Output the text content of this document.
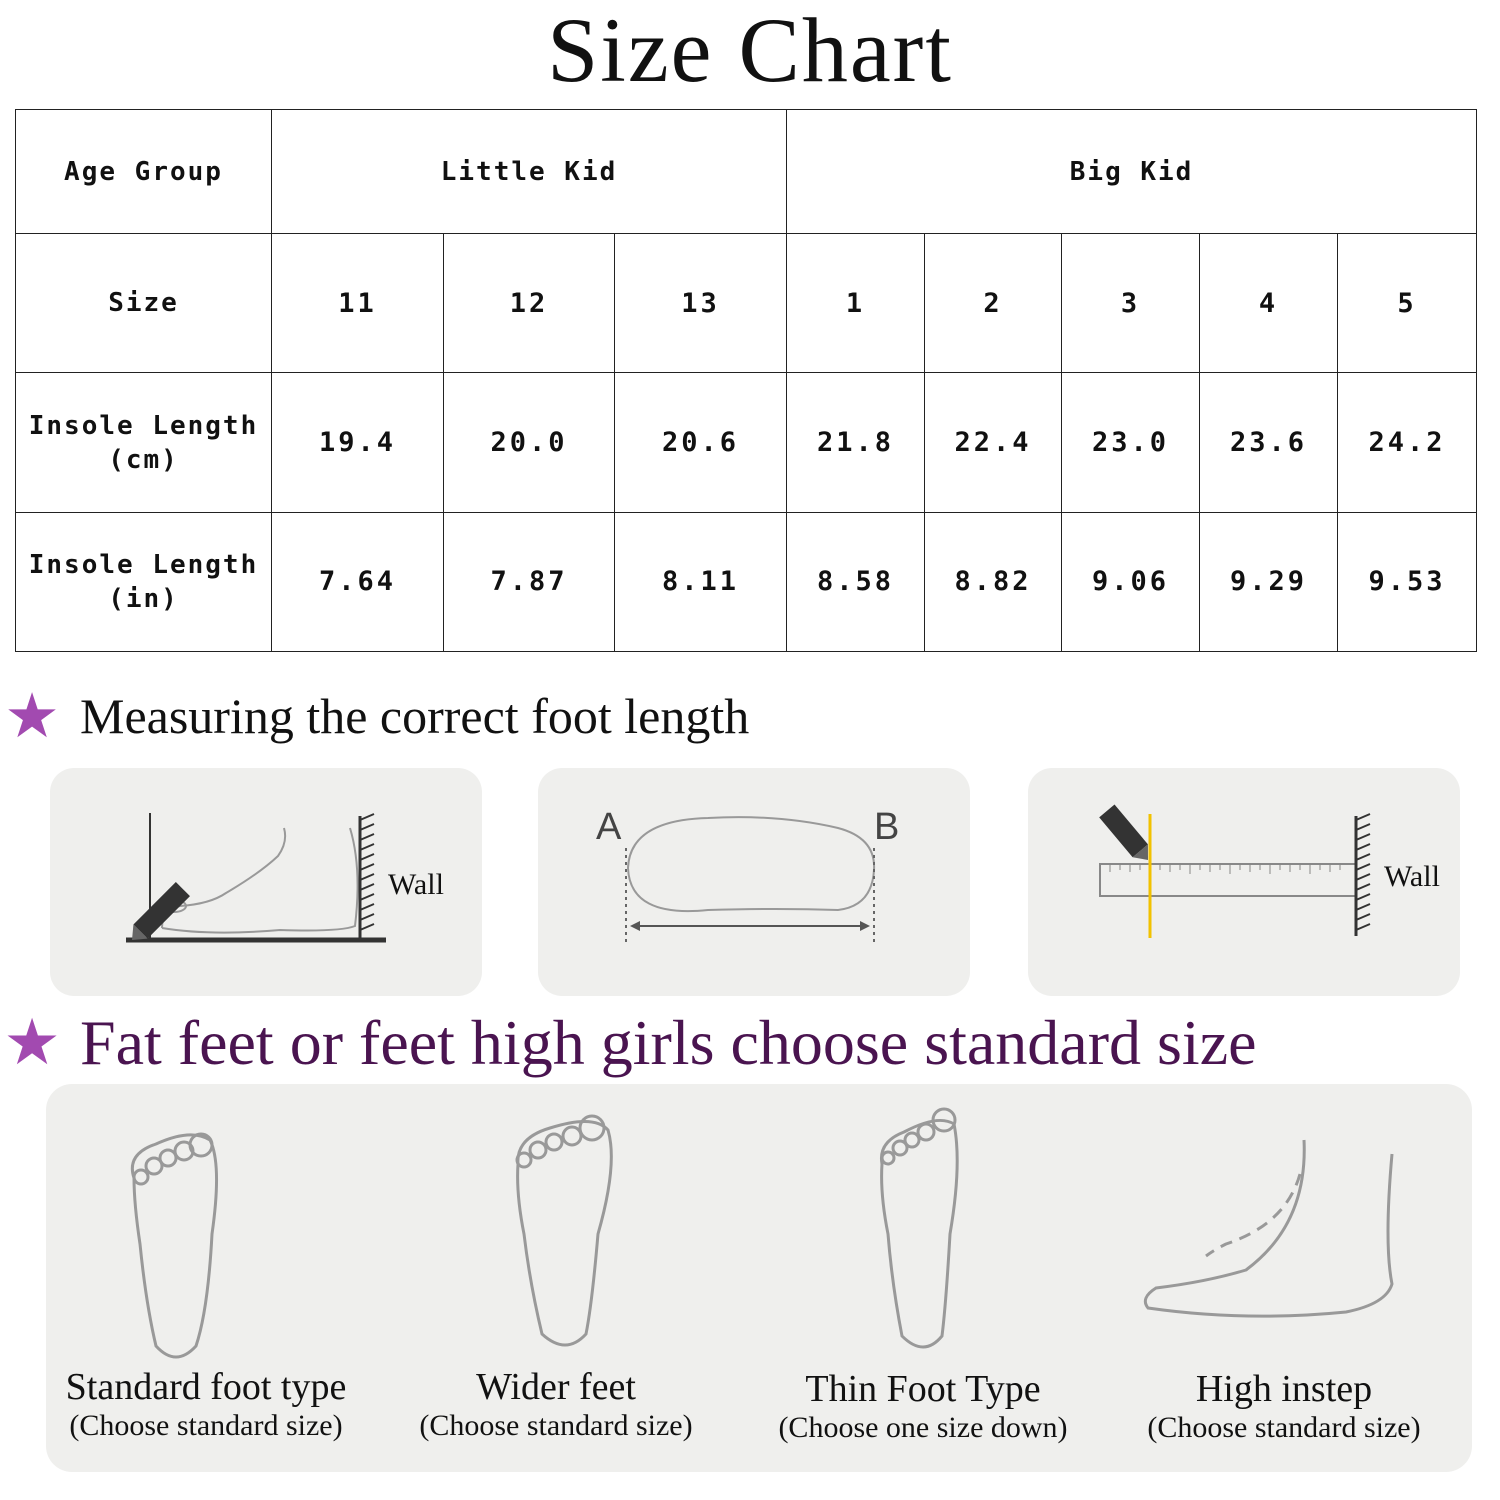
Size Chart
Age Group	Little Kid			Big Kid				
Size	11	12	13	1	2	3	4	5

Insole Length
(cm)	19.4	20.0	20.6	21.8	22.4	23.0	23.6	24.2

Insole Length
(in)	7.64	7.87	8.11	8.58	8.82	9.06	9.29	9.53
★ Measuring the correct foot length
Wall
A	B
Wall
★ Fat feet or feet high girls choose standard size
Standard foot type
(Choose standard size)
Wider feet
(Choose standard size)
Thin Foot Type
(Choose one size down)
High instep
(Choose standard size)
